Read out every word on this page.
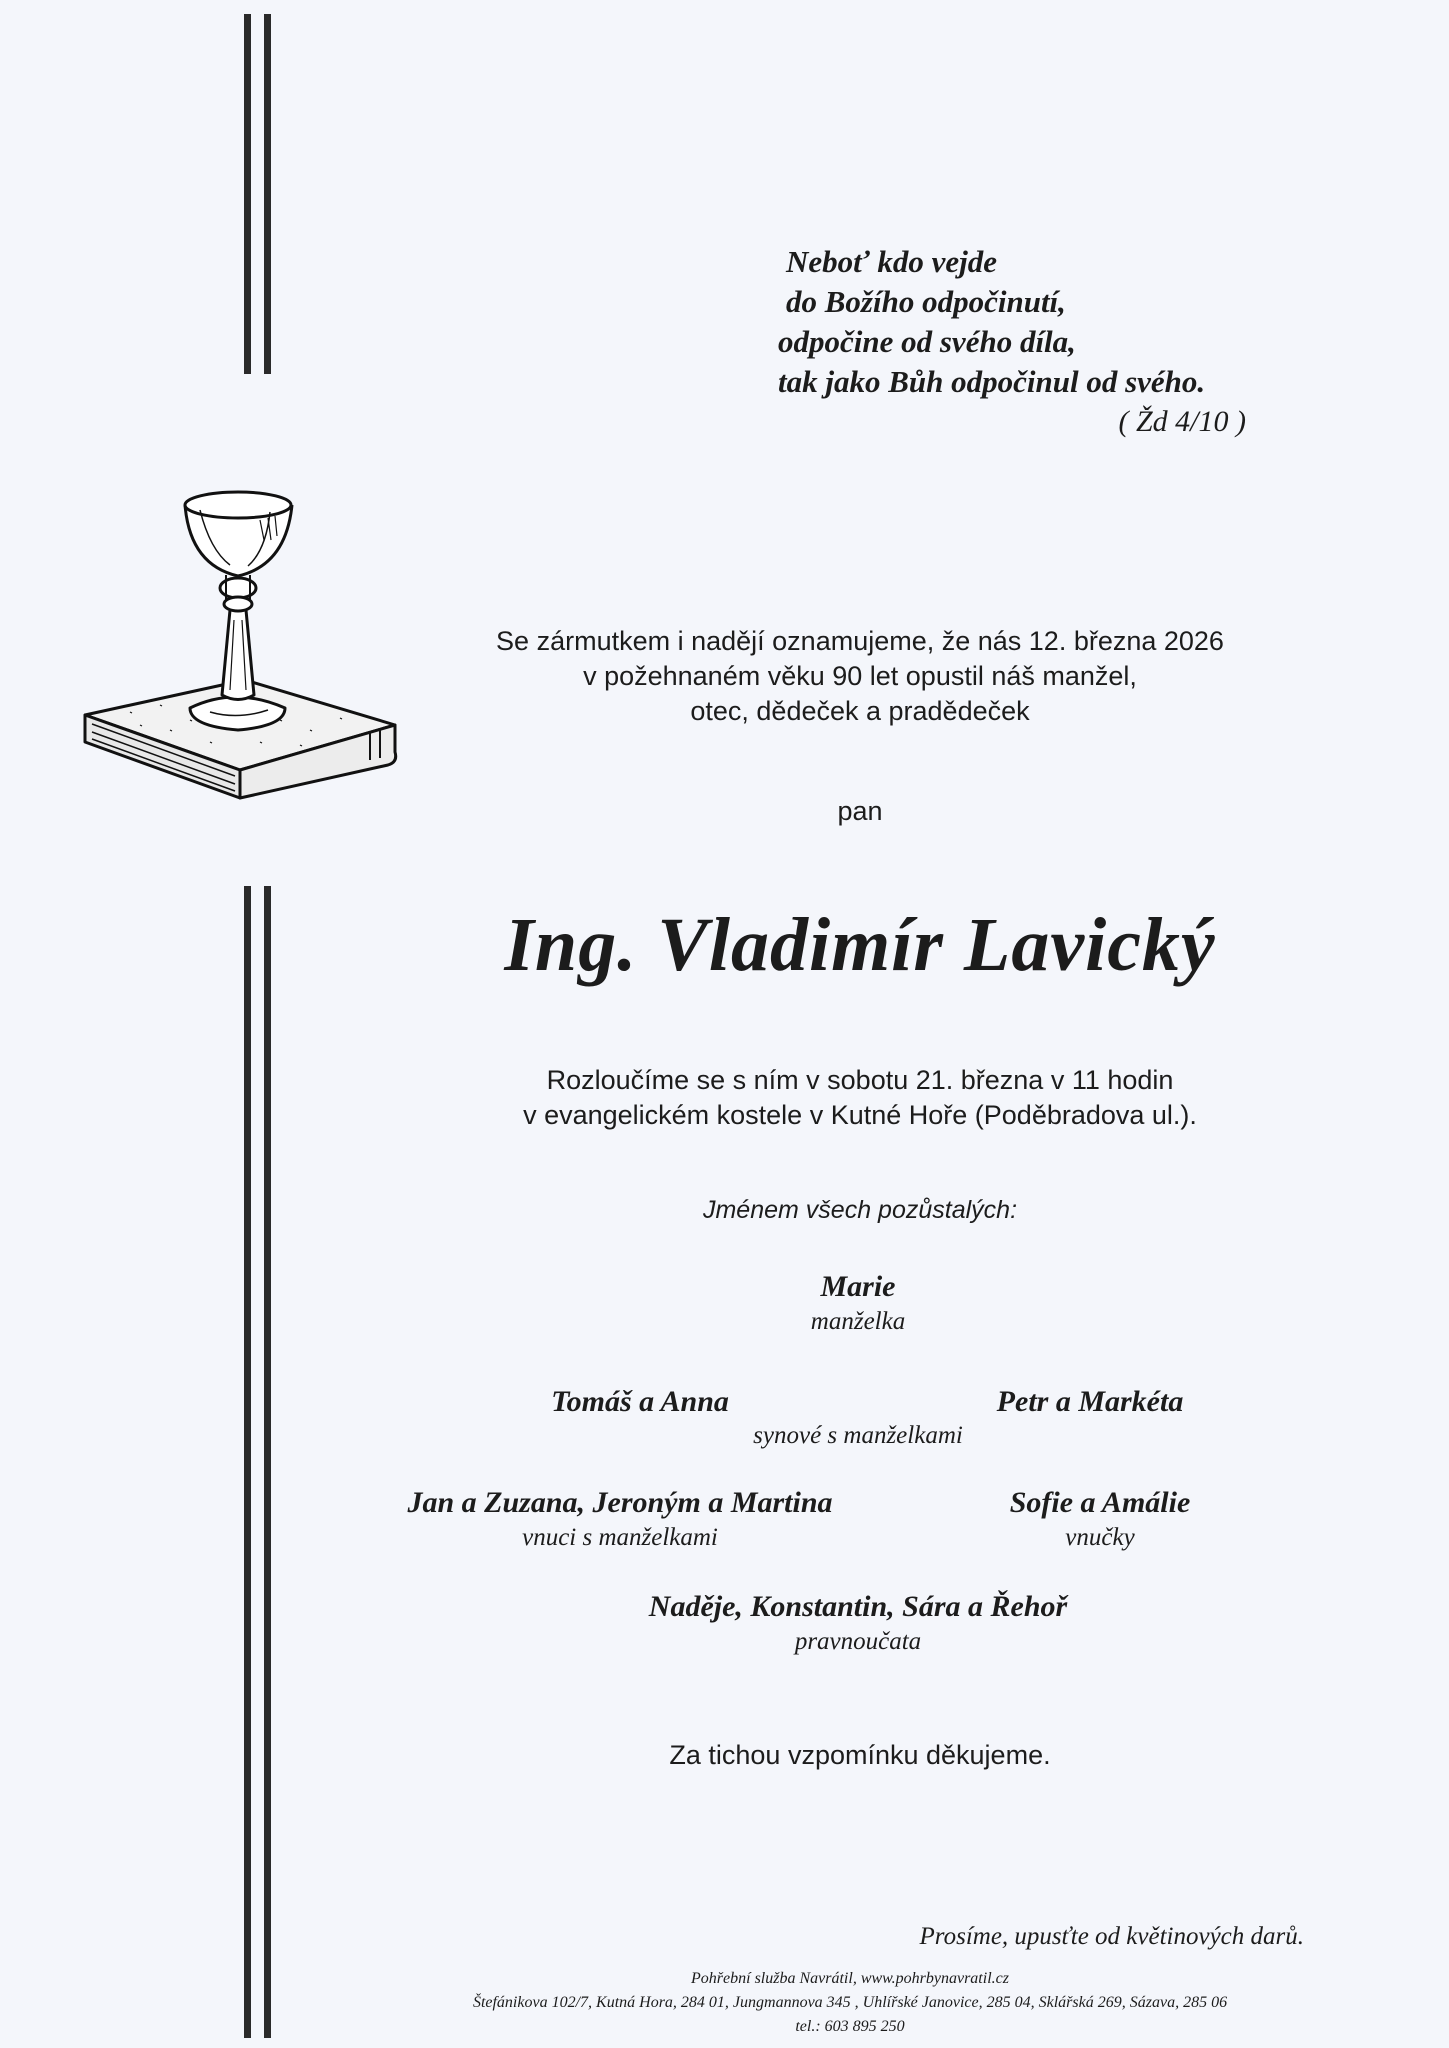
Neboť kdo vejde
do Božího odpočinutí,
odpočine od svého díla,
tak jako Bůh odpočinul od svého.
( Žd 4/10 )
Se zármutkem i nadějí oznamujeme, že nás 12. března 2026
v požehnaném věku 90 let opustil náš manžel,
otec, dědeček a pradědeček
pan
Ing. Vladimír Lavický
Rozloučíme se s ním v sobotu 21. března v 11 hodin
v evangelickém kostele v Kutné Hoře (Poděbradova ul.).
Jménem všech pozůstalých:
Marie
manželka
Tomáš a Anna	Petr a Markéta
synové s manželkami
Jan a Zuzana, Jeroným a Martina
vnuci s manželkami
Sofie a Amálie
vnučky
Naděje, Konstantin, Sára a Řehoř
pravnoučata
Za tichou vzpomínku děkujeme.
Prosíme, upusťte od květinových darů.
Pohřební služba Navrátil, www.pohrbynavratil.cz
Štefánikova 102/7, Kutná Hora, 284 01, Jungmannova 345 , Uhlířské Janovice, 285 04, Sklářská 269, Sázava, 285 06
tel.: 603 895 250
